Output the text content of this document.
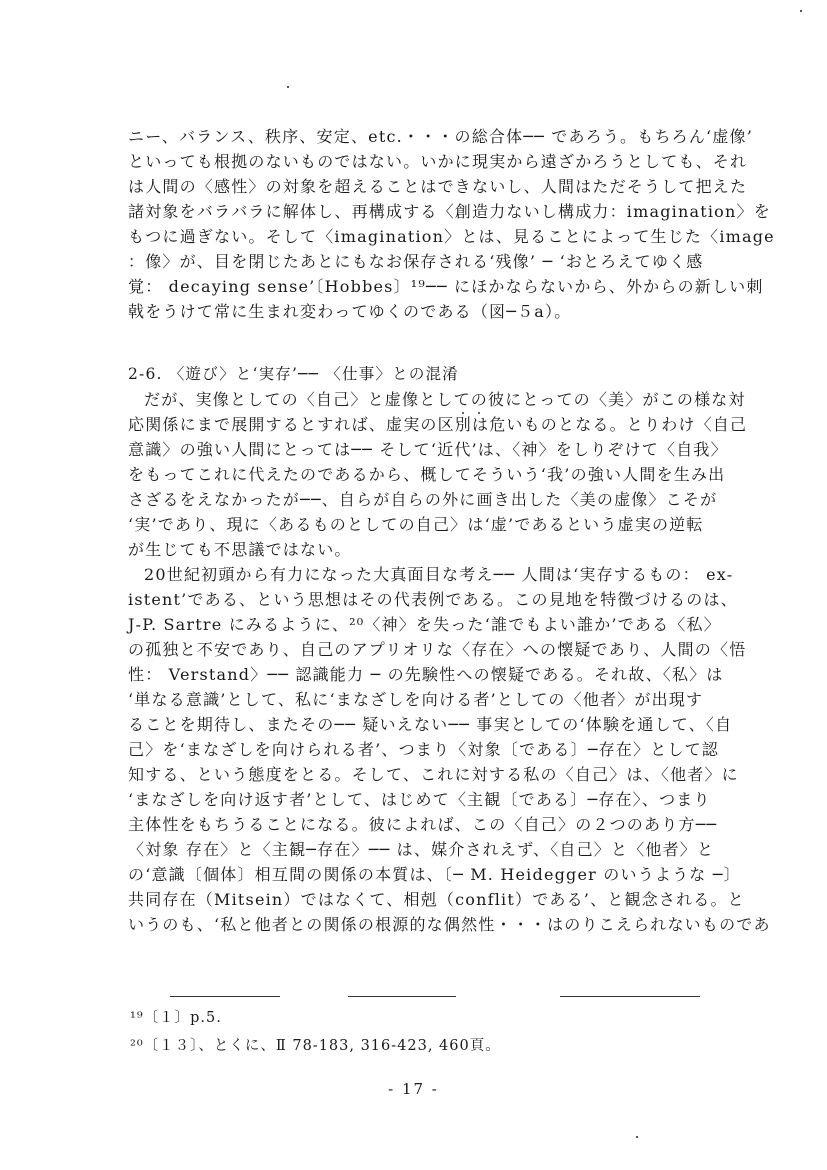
ニー、バランス、秩序、安定、etc.・・・の総合体── であろう。もちろん‘虚像’
といっても根拠のないものではない。いかに現実から遠ざかろうとしても、それ
は人間の〈感性〉の対象を超えることはできないし、人間はただそうして把えた
諸対象をバラバラに解体し、再構成する〈創造力ないし構成力：imagination〉を
もつに過ぎない。そして〈imagination〉とは、見ることによって生じた〈image
：像〉が、目を閉じたあとにもなお保存される‘残像’ ─ ‘おとろえてゆく感
覚： decaying sense’〔Hobbes〕¹⁹── にほかならないから、外からの新しい刺
戟をうけて常に生まれ変わってゆくのである（図─５a）。
2-6. 〈遊び〉と‘実存’── 〈仕事〉との混淆
だが、実像としての〈自己〉と虚像としての彼にとっての〈美〉がこの様な対
応関係にまで展開するとすれば、虚実の区別は危いものとなる。とりわけ〈自己
意識〉の強い人間にとっては── そして‘近代’は、〈神〉をしりぞけて〈自我〉
をもってこれに代えたのであるから、概してそういう‘我’の強い人間を生み出
さざるをえなかったが──、自らが自らの外に画き出した〈美の虚像〉こそが
‘実’であり、現に〈あるものとしての自己〉は‘虚’であるという虚実の逆転
が生じても不思議ではない。
20世紀初頭から有力になった大真面目な考え── 人間は‘実存するもの： ex-
istent’である、という思想はその代表例である。この見地を特徴づけるのは、
J-P. Sartre にみるように、²⁰〈神〉を失った‘誰でもよい誰か’である〈私〉
の孤独と不安であり、自己のアプリオリな〈存在〉への懐疑であり、人間の〈悟
性： Verstand〉── 認識能力 ─ の先験性への懐疑である。それ故、〈私〉は
‘単なる意識’として、私に‘まなざしを向ける者’としての〈他者〉が出現す
ることを期待し、またその── 疑いえない── 事実としての‘体験を通して、〈自
己〉を‘まなざしを向けられる者’、つまり〈対象〔である〕─存在〉として認
知する、という態度をとる。そして、これに対する私の〈自己〉は、〈他者〉に
‘まなざしを向け返す者’として、はじめて〈主観〔である〕─存在〉、つまり
主体性をもちうることになる。彼によれば、この〈自己〉の２つのあり方──
〈対象 存在〉と〈主観─存在〉── は、媒介されえず、〈自己〉と〈他者〉と
の‘意識〔個体〕相互間の関係の本質は、〔─ M. Heidegger のいうような ─〕
共同存在（Mitsein）ではなくて、相剋（conflit）である’、と観念される。と
いうのも、‘私と他者との関係の根源的な偶然性・・・はのりこえられないものであ
¹⁹〔１〕p.5.
²⁰〔１３〕、とくに、Ⅱ 78-183, 316-423, 460頁。
- 17 -
